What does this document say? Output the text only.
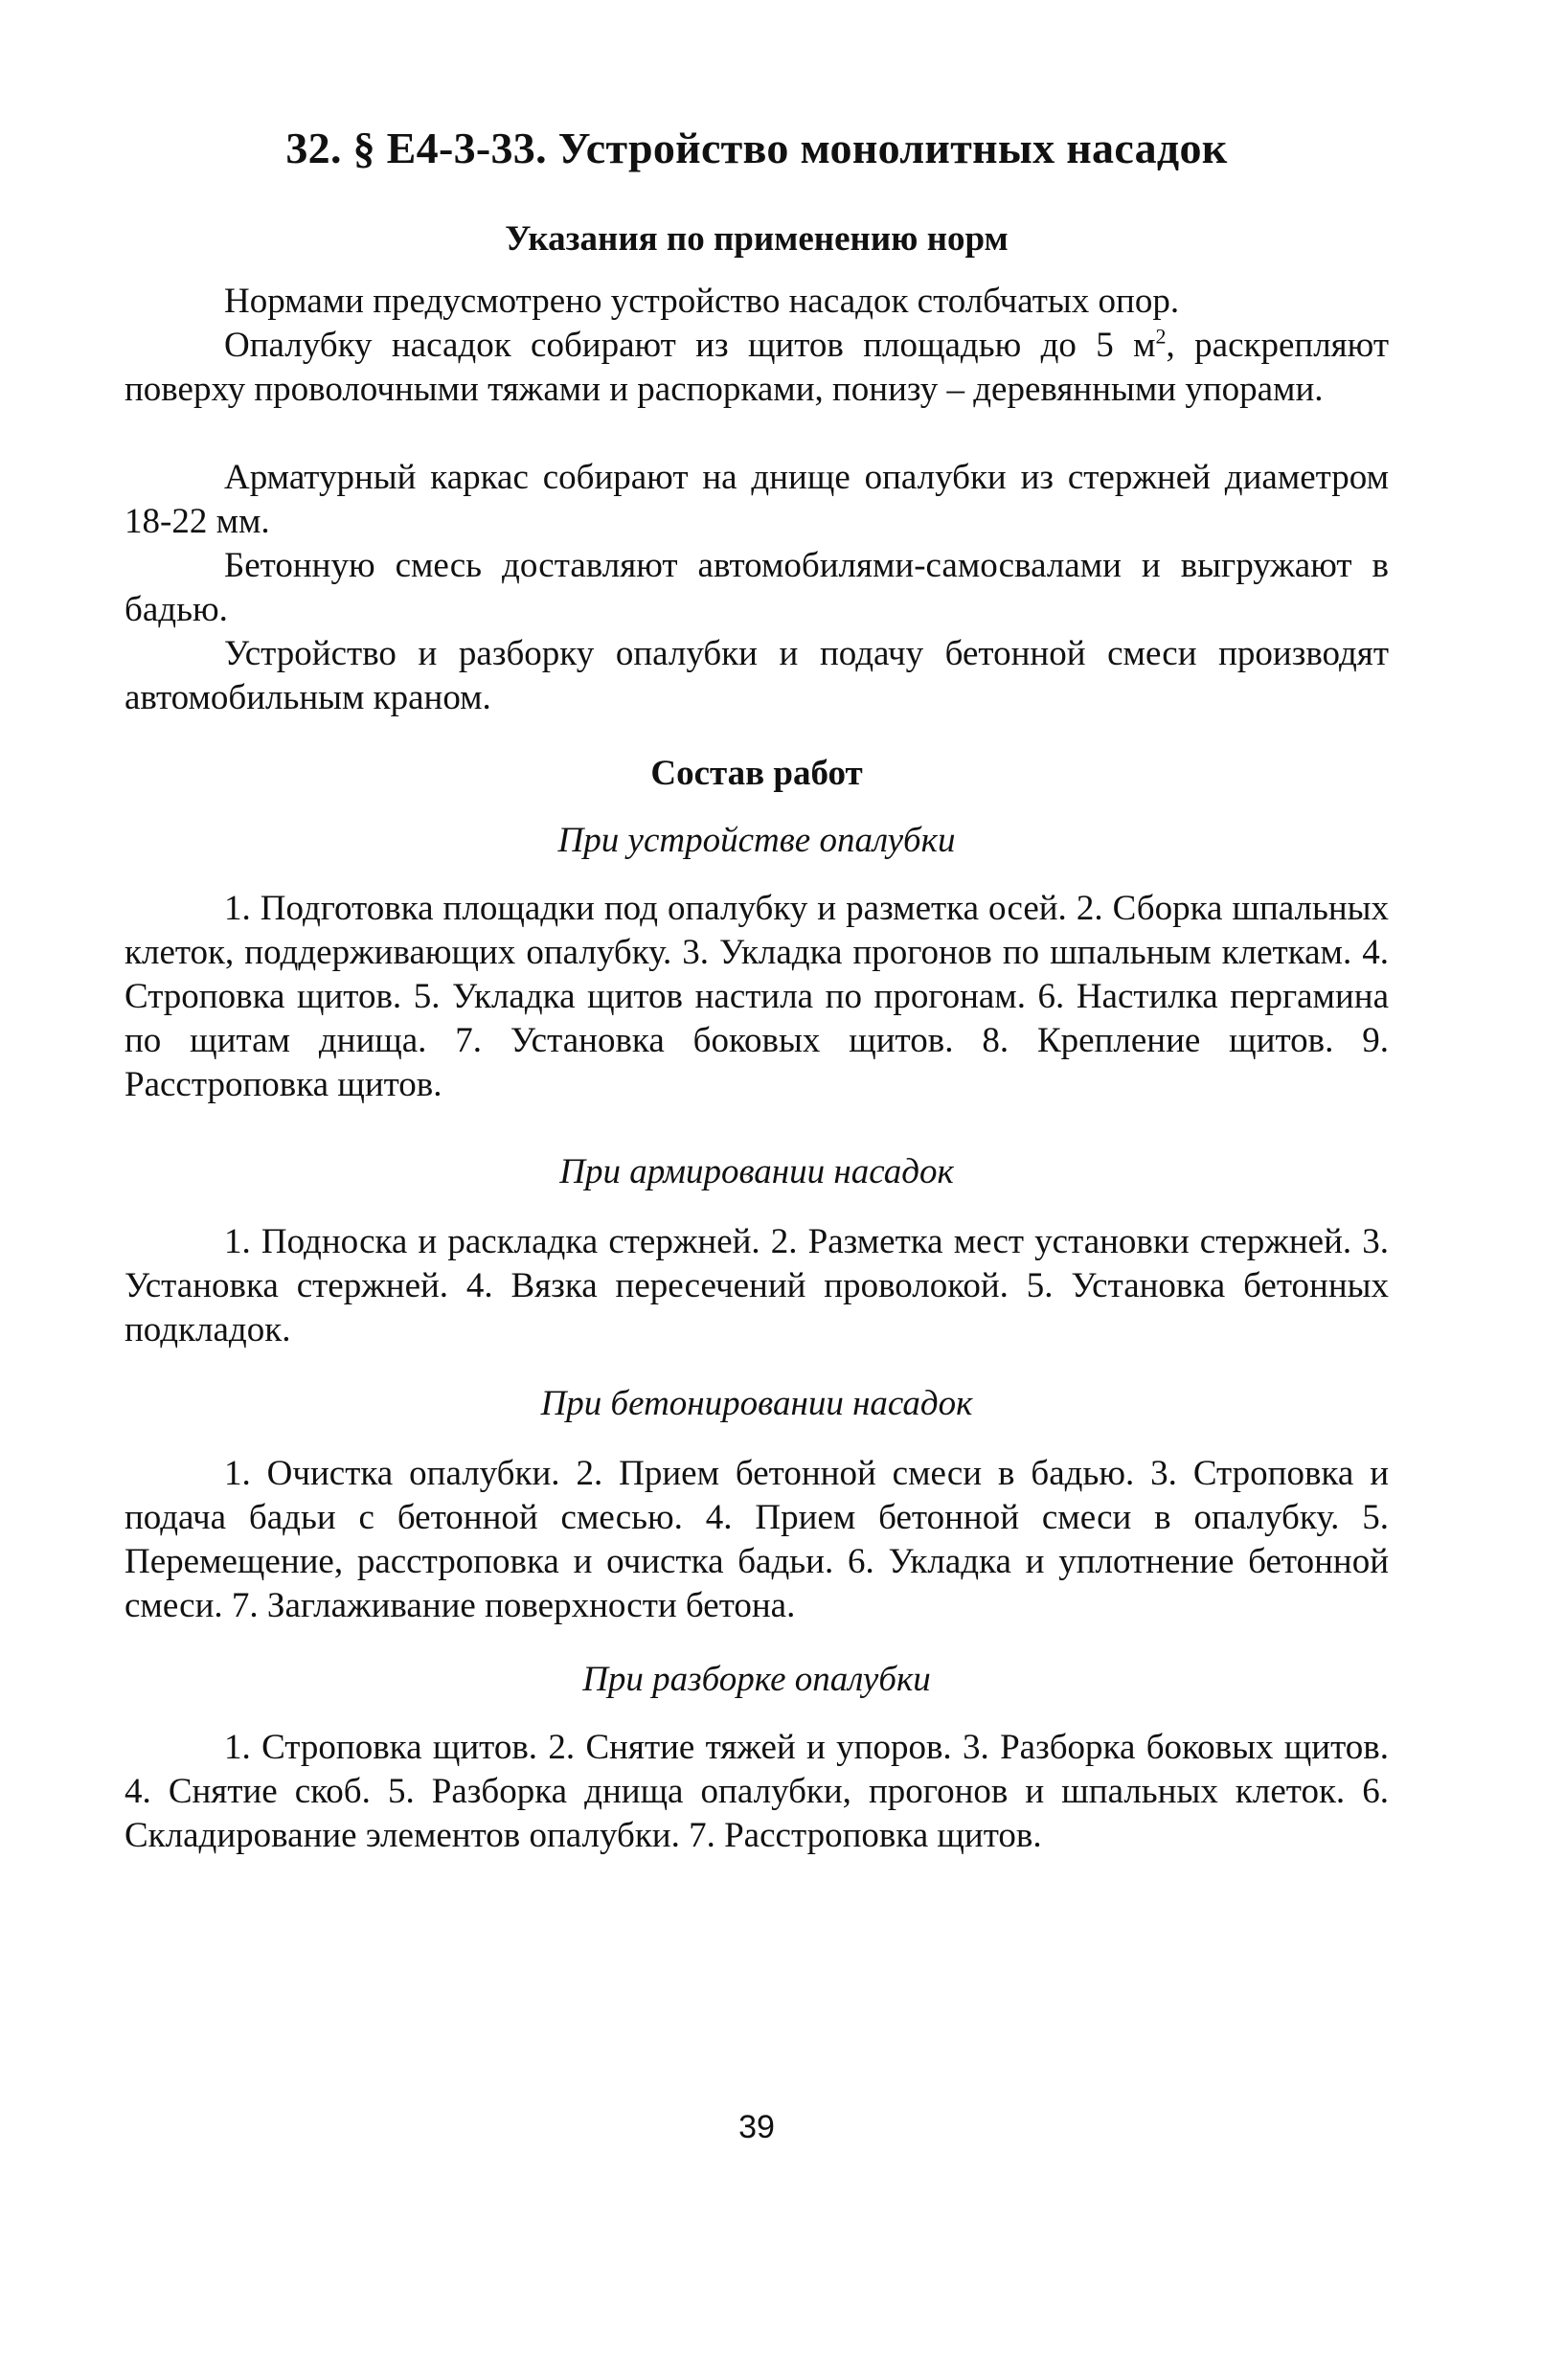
32. § Е4-3-33. Устройство монолитных насадок
Указания по применению норм
Нормами предусмотрено устройство насадок столбчатых опор.
Опалубку насадок собирают из щитов площадью до 5 $м^2$, раскрепляют поверху проволочными тяжами и распорками, понизу – деревянными упорами.
Арматурный каркас собирают на днище опалубки из стержней диаметром 18-22 мм.
Бетонную смесь доставляют автомобилями-самосвалами и выгружают в бадью.
Устройство и разборку опалубки и подачу бетонной смеси производят автомобильным краном.
Состав работ
При устройстве опалубки
1. Подготовка площадки под опалубку и разметка осей. 2. Сборка шпальных клеток, поддерживающих опалубку. 3. Укладка прогонов по шпальным клеткам. 4. Строповка щитов. 5. Укладка щитов настила по прогонам. 6. Настилка пергамина по щитам днища. 7. Установка боковых щитов. 8. Крепление щитов. 9. Расстроповка щитов.
При армировании насадок
1. Подноска и раскладка стержней. 2. Разметка мест установки стержней. 3. Установка стержней. 4. Вязка пересечений проволокой. 5. Установка бетонных подкладок.
При бетонировании насадок
1. Очистка опалубки. 2. Прием бетонной смеси в бадью. 3. Строповка и подача бадьи с бетонной смесью. 4. Прием бетонной смеси в опалубку. 5. Перемещение, расстроповка и очистка бадьи. 6. Укладка и уплотнение бетонной смеси. 7. Заглаживание поверхности бетона.
При разборке опалубки
1. Строповка щитов. 2. Снятие тяжей и упоров. 3. Разборка боковых щитов. 4. Снятие скоб. 5. Разборка днища опалубки, прогонов и шпальных клеток. 6. Складирование элементов опалубки. 7. Расстроповка щитов.
39
